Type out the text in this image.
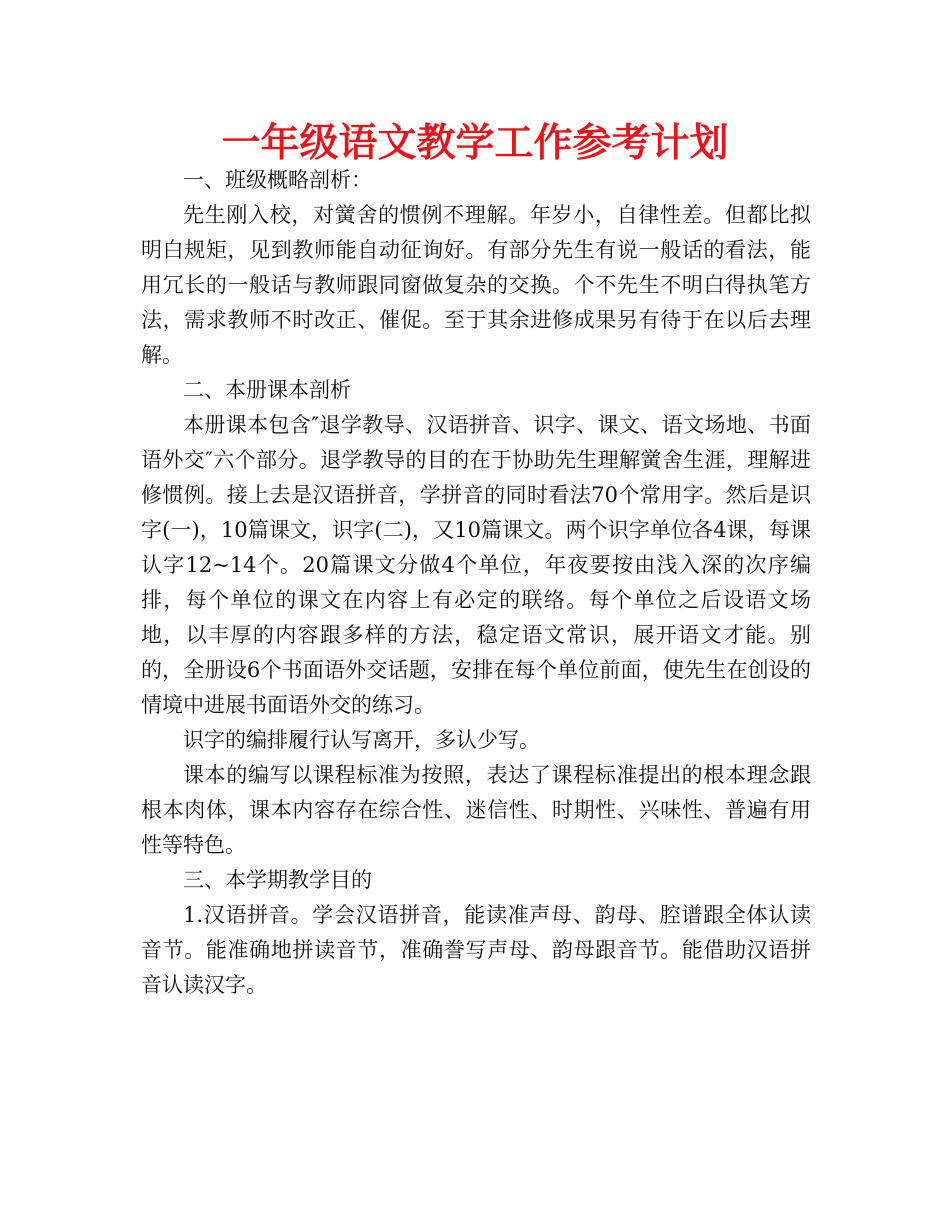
一年级语文教学工作参考计划

一、班级概略剖析：

先生刚入校，对黉舍的惯例不理解。年岁小，自律性差。但都比拟明白规矩，见到教师能自动征询好。有部分先生有说一般话的看法，能用冗长的一般话与教师跟同窗做复杂的交换。个不先生不明白得执笔方法，需求教师不时改正、催促。至于其余进修成果另有待于在以后去理解。

二、本册课本剖析

本册课本包含″退学教导、汉语拼音、识字、课文、语文场地、书面语外交″六个部分。退学教导的目的在于协助先生理解黉舍生涯，理解进修惯例。接上去是汉语拼音，学拼音的同时看法70个常用字。然后是识字(一)，10篇课文，识字(二)，又10篇课文。两个识字单位各4课，每课认字12~14个。20篇课文分做4个单位，年夜要按由浅入深的次序编排，每个单位的课文在内容上有必定的联络。每个单位之后设语文场地，以丰厚的内容跟多样的方法，稳定语文常识，展开语文才能。别的，全册设6个书面语外交话题，安排在每个单位前面，使先生在创设的情境中进展书面语外交的练习。

识字的编排履行认写离开，多认少写。

课本的编写以课程标准为按照，表达了课程标准提出的根本理念跟根本肉体，课本内容存在综合性、迷信性、时期性、兴味性、普遍有用性等特色。

三、本学期教学目的

1.汉语拼音。学会汉语拼音，能读准声母、韵母、腔谱跟全体认读音节。能准确地拼读音节，准确誊写声母、韵母跟音节。能借助汉语拼音认读汉字。
